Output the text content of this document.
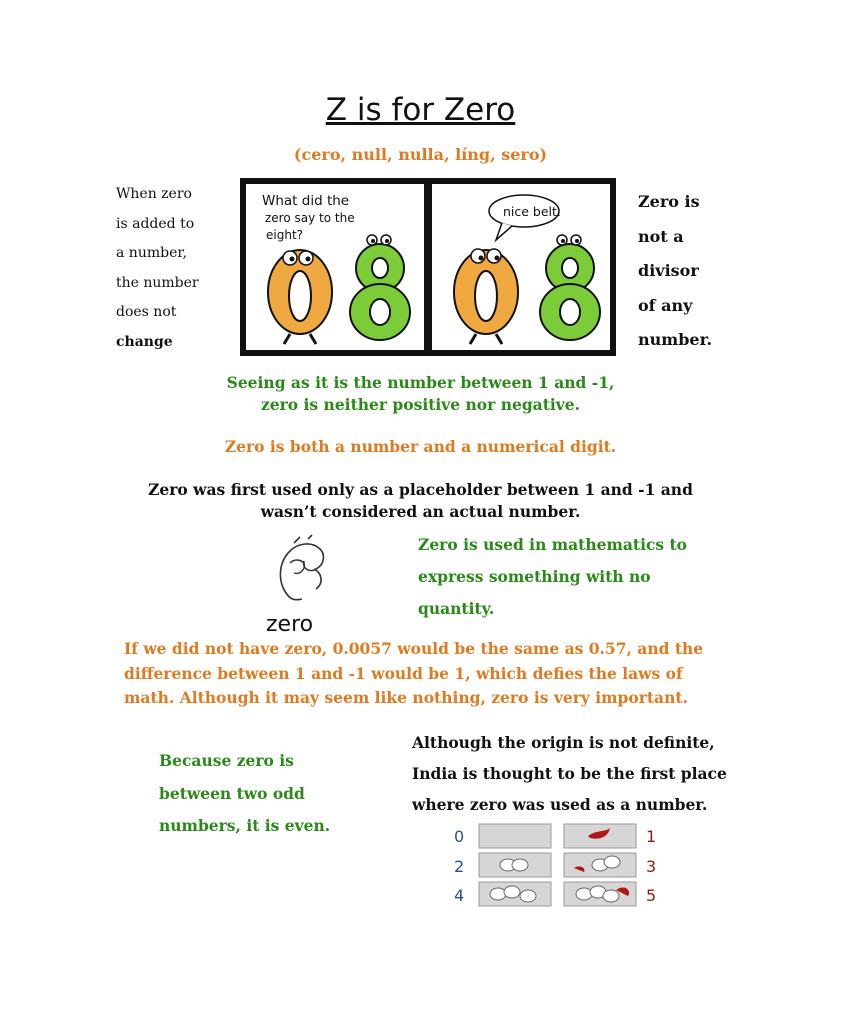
Z is for Zero
(cero, null, nulla, líng, sero)
When zero
is added to
a number,
the number
does not
change
What did the
zero say to the
eight?
nice belt.
Zero is
not a
divisor
of any
number.
Seeing as it is the number between 1 and -1,
zero is neither positive nor negative.
Zero is both a number and a numerical digit.
Zero was first used only as a placeholder between 1 and -1 and
wasn’t considered an actual number.
zero
Zero is used in mathematics to
express something with no
quantity.
If we did not have zero, 0.0057 would be the same as 0.57, and the
difference between 1 and -1 would be 1, which defies the laws of
math. Although it may seem like nothing, zero is very important.
Because zero is
between two odd
numbers, it is even.
Although the origin is not definite,
India is thought to be the first place
where zero was used as a number.
0	1
2	3
4	5
